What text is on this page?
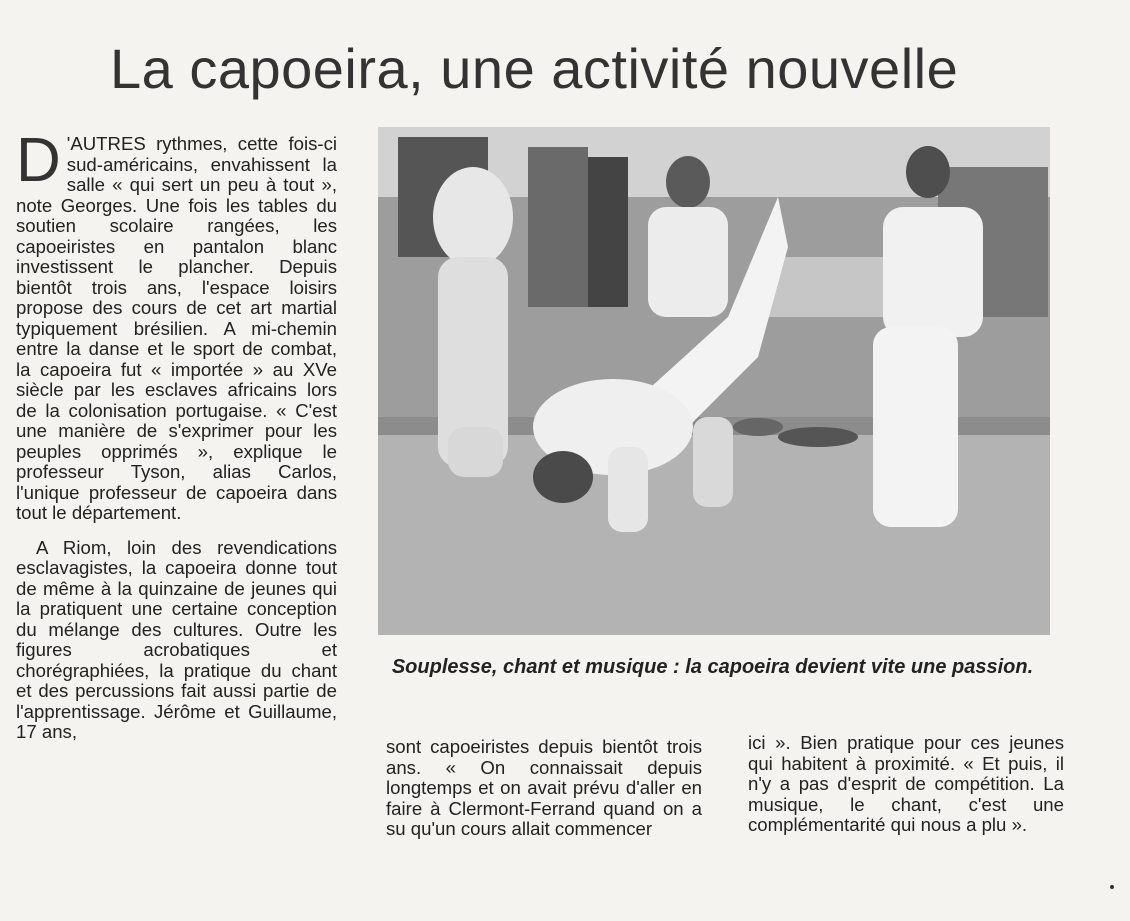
La capoeira, une activité nouvelle

D 'AUTRES rythmes, cette fois-ci sud-américains, envahissent la salle « qui sert un peu à tout », note Georges. Une fois les tables du soutien scolaire rangées, les capoeiristes en pantalon blanc investissent le plancher. Depuis bientôt trois ans, l'espace loisirs propose des cours de cet art martial typiquement brésilien. A mi-chemin entre la danse et le sport de combat, la capoeira fut « importée » au XVe siècle par les esclaves africains lors de la colonisation portugaise. « C'est une manière de s'exprimer pour les peuples opprimés », explique le professeur Tyson, alias Carlos, l'unique professeur de capoeira dans tout le département.

A Riom, loin des revendications esclavagistes, la capoeira donne tout de même à la quinzaine de jeunes qui la pratiquent une certaine conception du mélange des cultures. Outre les figures acrobatiques et chorégraphiées, la pratique du chant et des percussions fait aussi partie de l'apprentissage. Jérôme et Guillaume, 17 ans,

Souplesse, chant et musique : la capoeira devient vite une passion.

sont capoeiristes depuis bientôt trois ans. « On connaissait depuis longtemps et on avait prévu d'aller en faire à Clermont-Ferrand quand on a su qu'un cours allait commencer

ici ». Bien pratique pour ces jeunes qui habitent à proximité. « Et puis, il n'y a pas d'esprit de compétition. La musique, le chant, c'est une complémentarité qui nous a plu ».
